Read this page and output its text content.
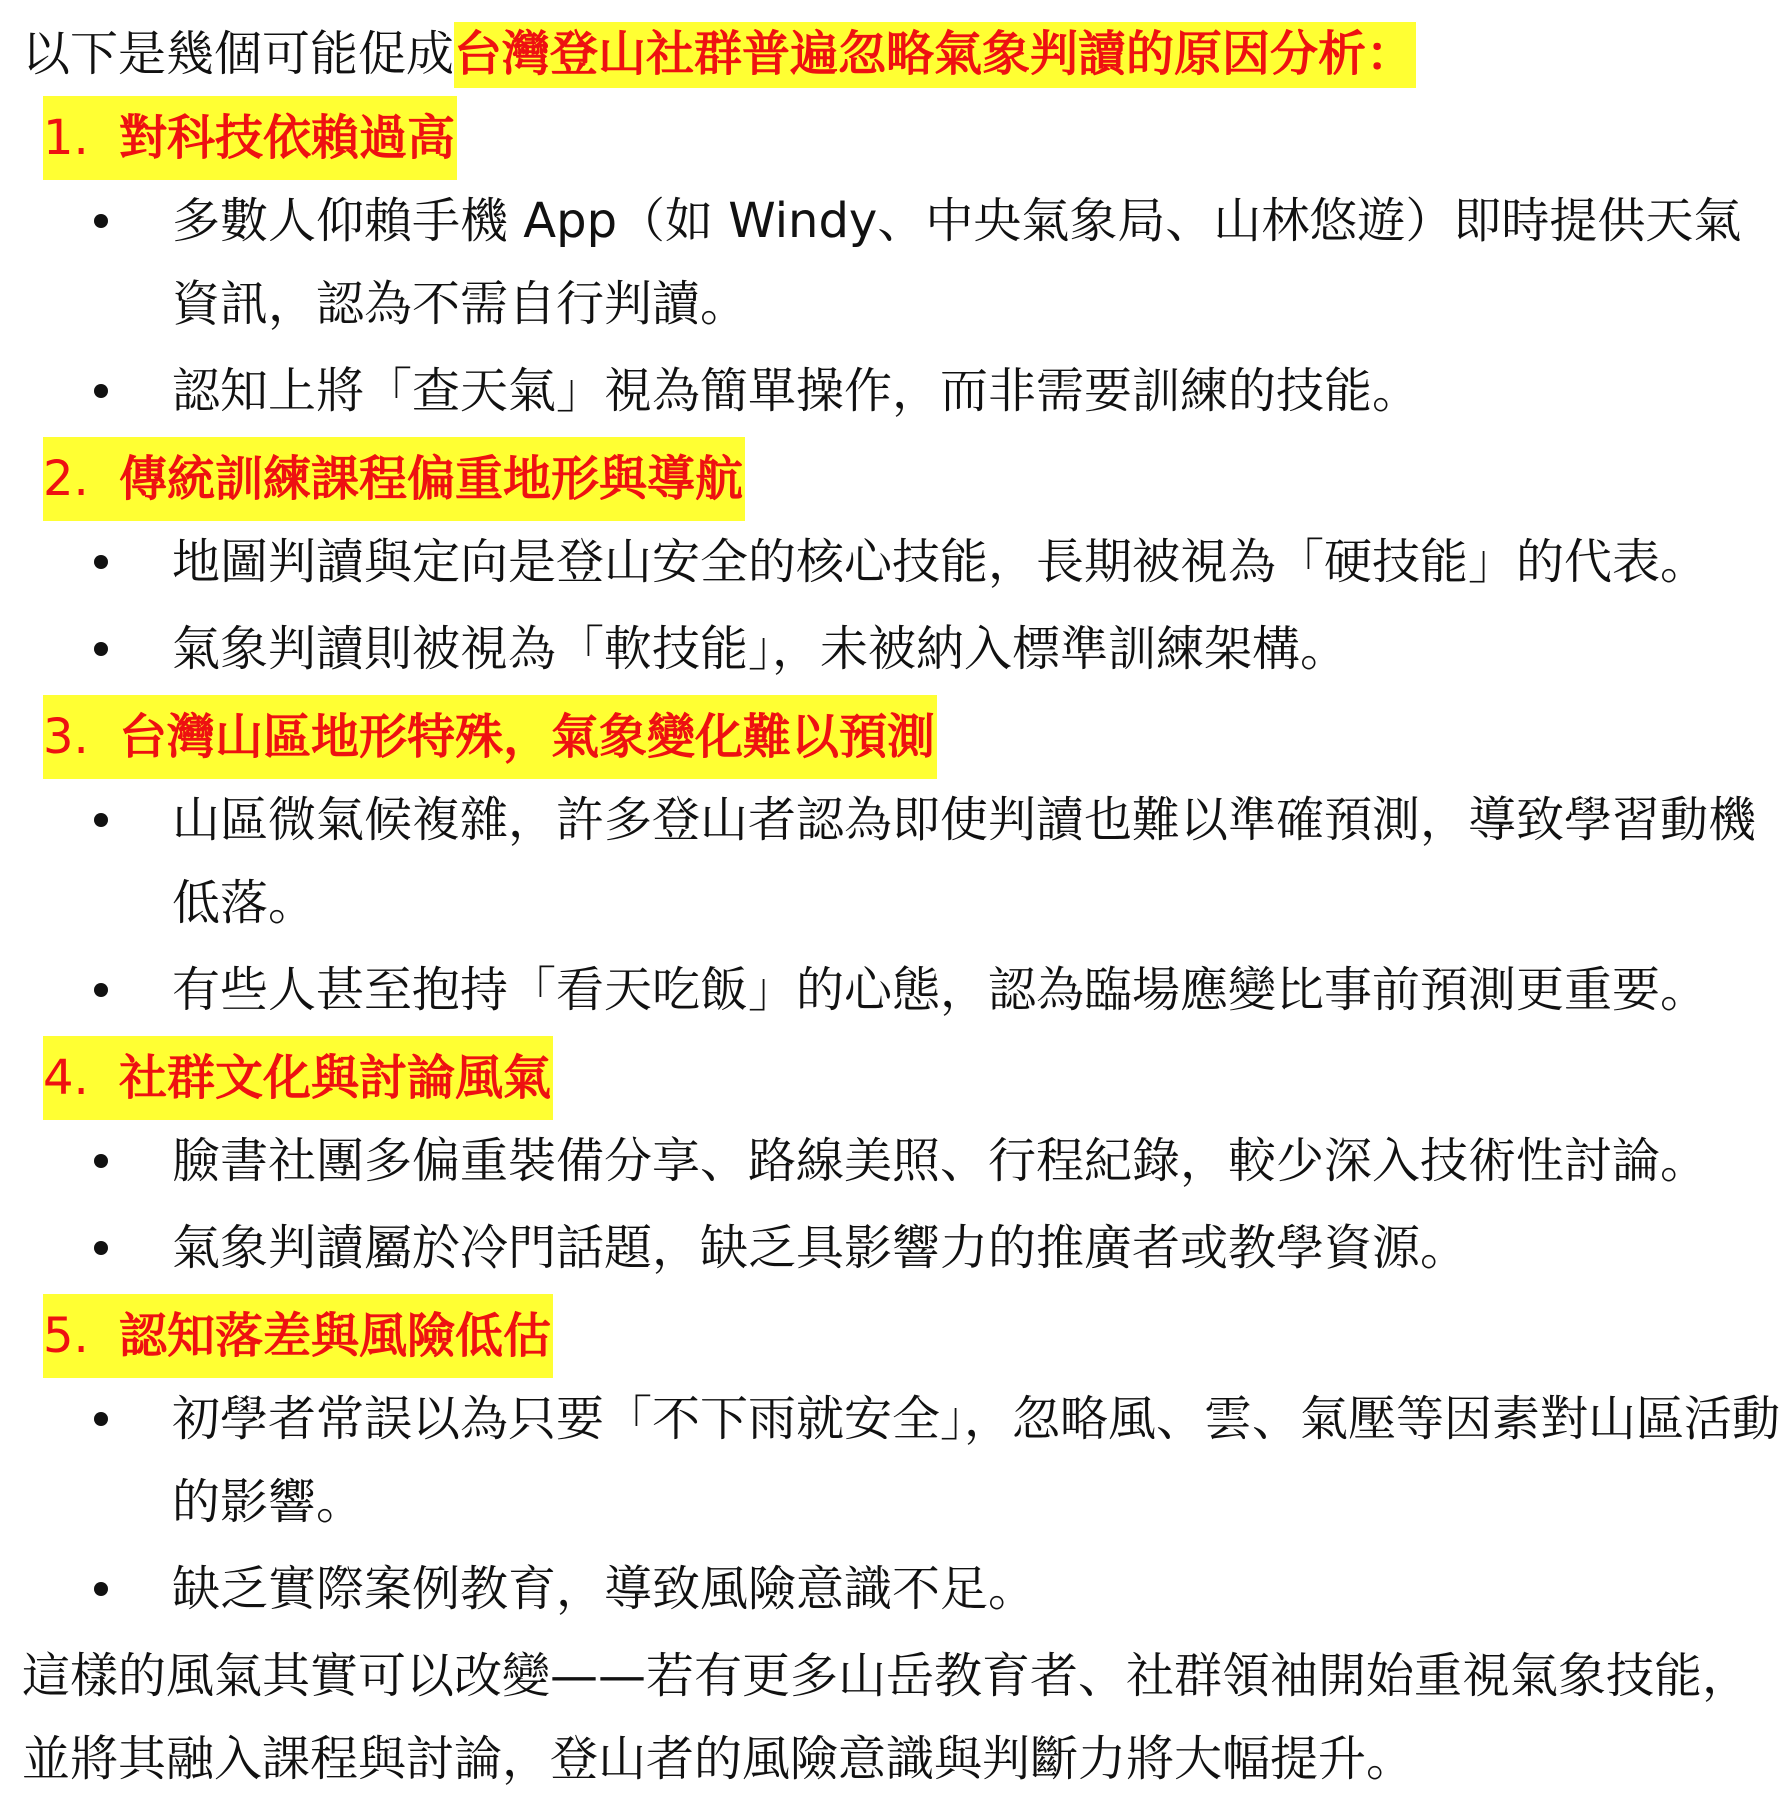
以下是幾個可能促成台灣登山社群普遍忽略氣象判讀的原因分析：
1. 對科技依賴過高
多數人仰賴手機 App（如 Windy、中央氣象局、山林悠遊）即時提供天氣資訊，認為不需自行判讀。
認知上將「查天氣」視為簡單操作，而非需要訓練的技能。
2. 傳統訓練課程偏重地形與導航
地圖判讀與定向是登山安全的核心技能，長期被視為「硬技能」的代表。
氣象判讀則被視為「軟技能」，未被納入標準訓練架構。
3. 台灣山區地形特殊，氣象變化難以預測
山區微氣候複雜，許多登山者認為即使判讀也難以準確預測，導致學習動機低落。
有些人甚至抱持「看天吃飯」的心態，認為臨場應變比事前預測更重要。
4. 社群文化與討論風氣
臉書社團多偏重裝備分享、路線美照、行程紀錄，較少深入技術性討論。
氣象判讀屬於冷門話題，缺乏具影響力的推廣者或教學資源。
5. 認知落差與風險低估
初學者常誤以為只要「不下雨就安全」，忽略風、雲、氣壓等因素對山區活動的影響。
缺乏實際案例教育，導致風險意識不足。
這樣的風氣其實可以改變——若有更多山岳教育者、社群領袖開始重視氣象技能，並將其融入課程與討論，登山者的風險意識與判斷力將大幅提升。
